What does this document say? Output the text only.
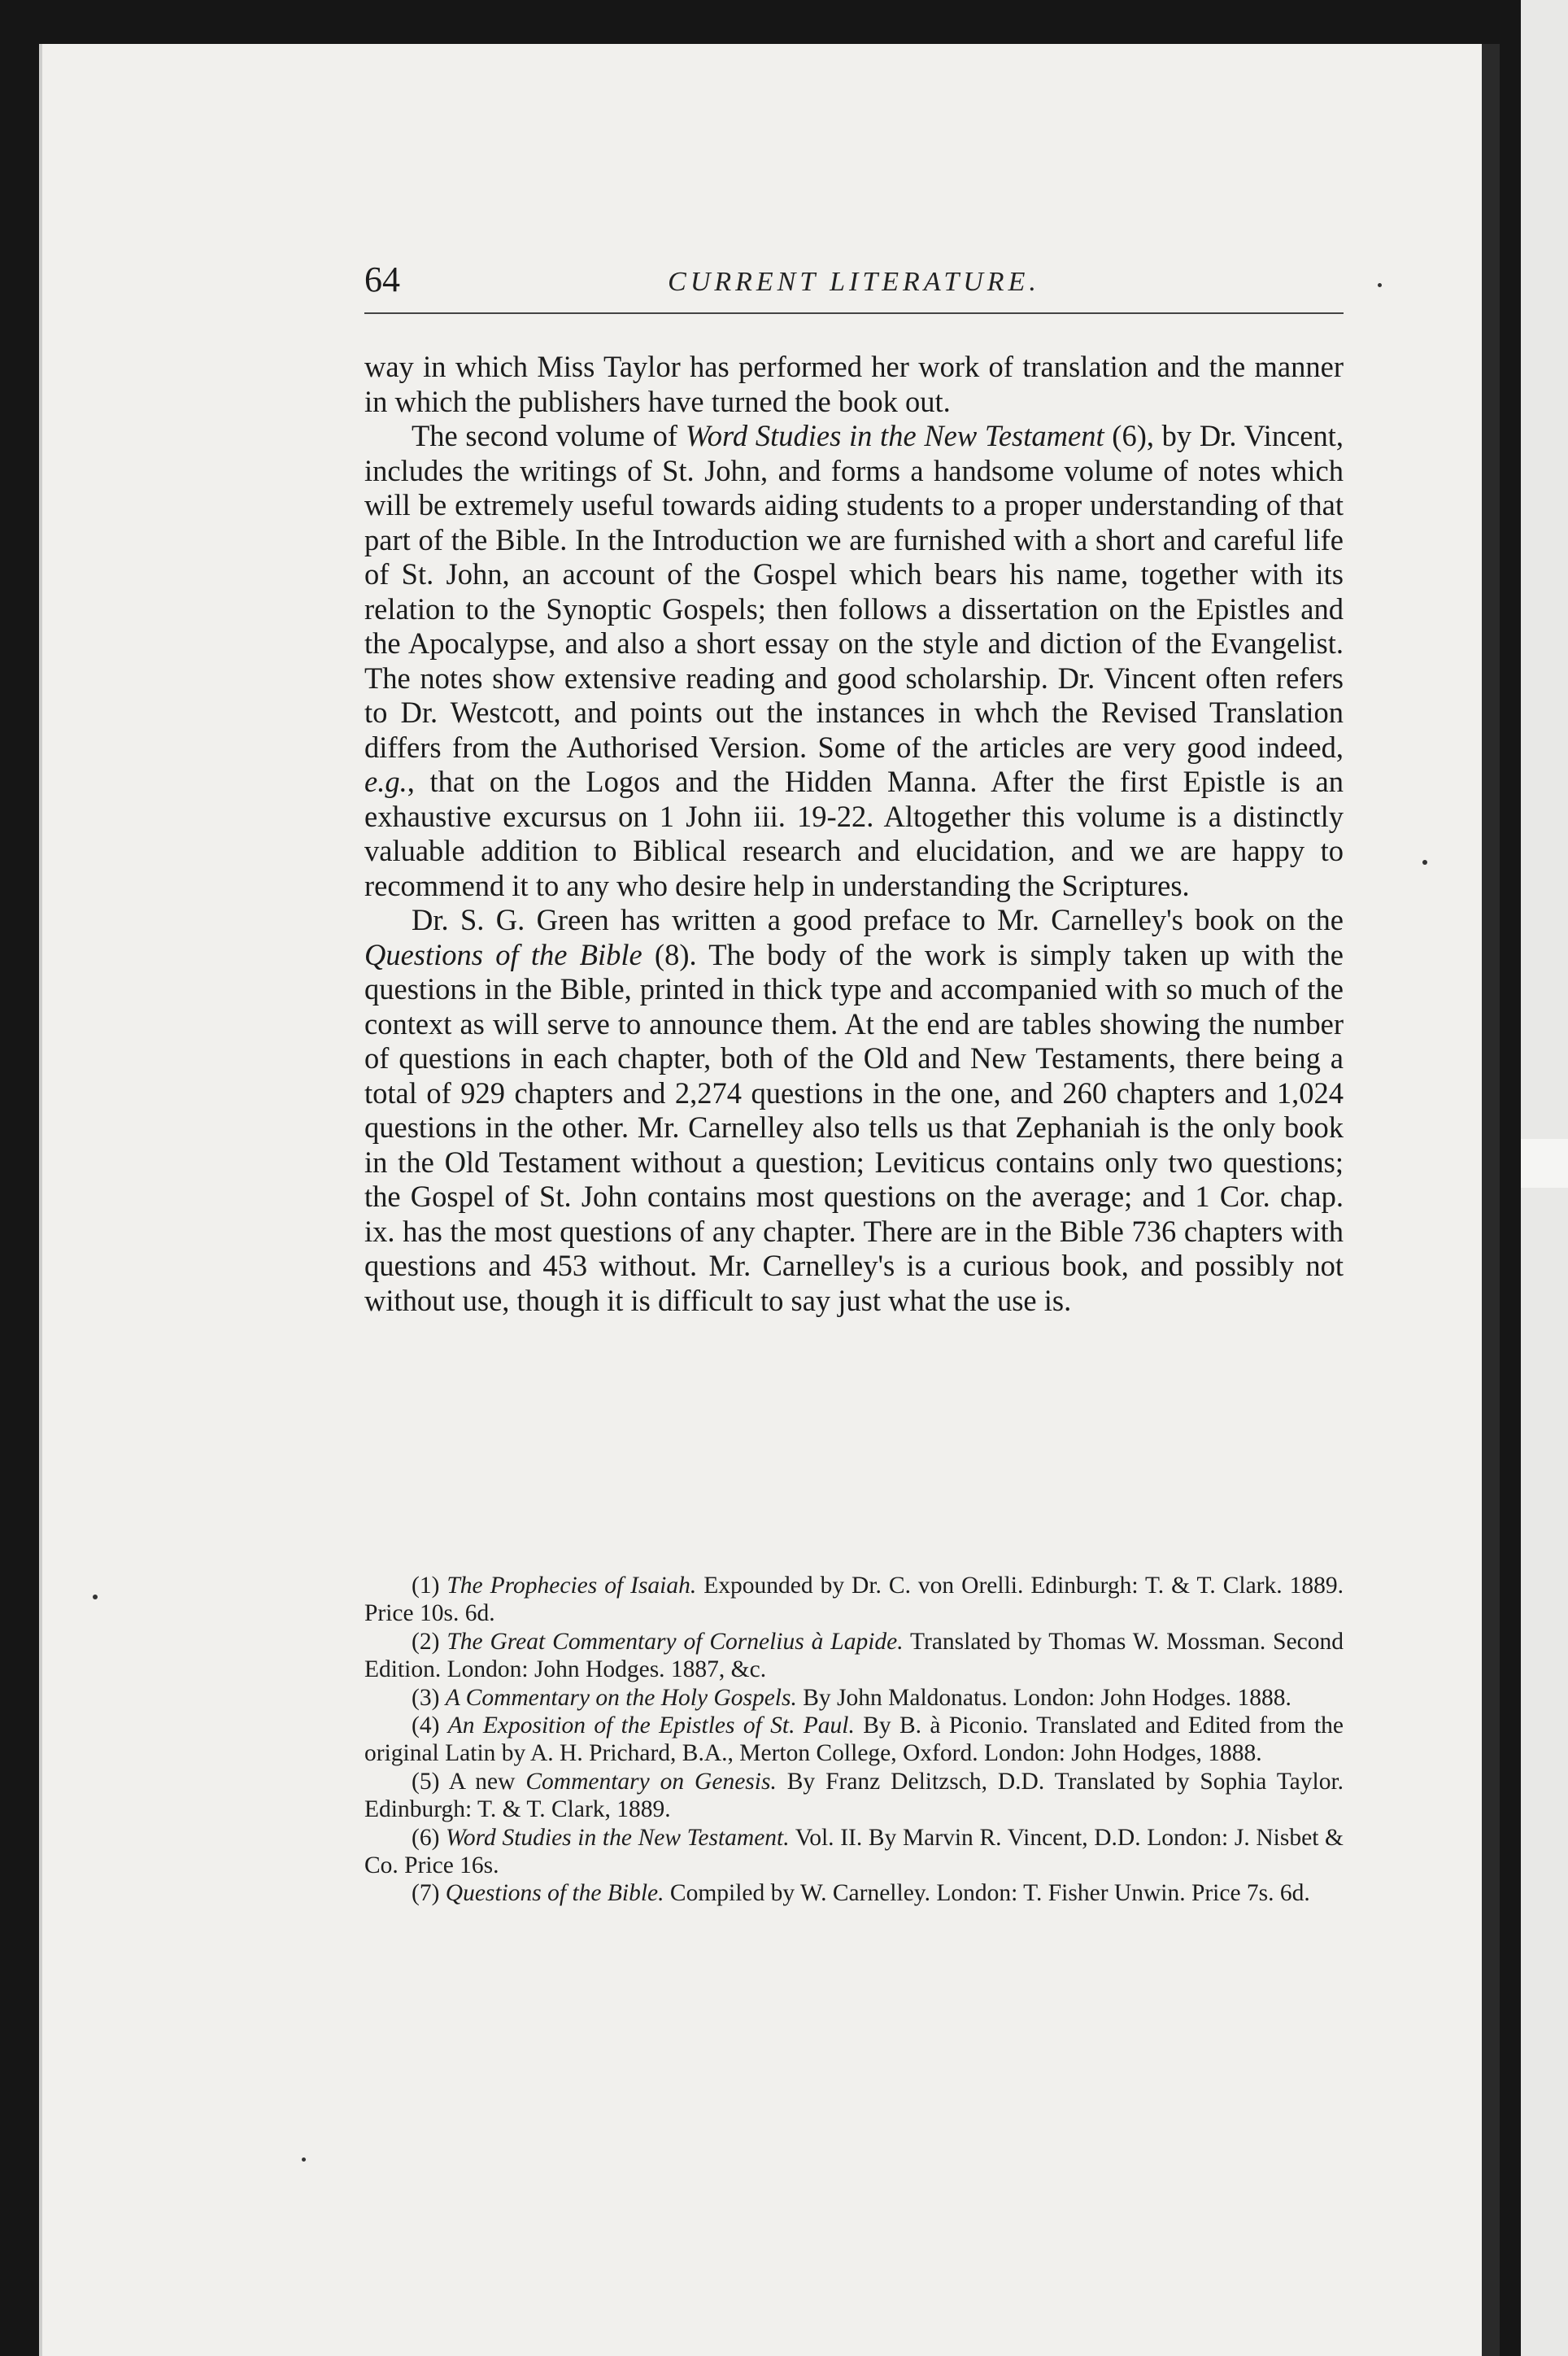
64	CURRENT LITERATURE.

way in which Miss Taylor has performed her work of translation and the manner in which the publishers have turned the book out.

The second volume of Word Studies in the New Testament (6), by Dr. Vincent, includes the writings of St. John, and forms a handsome volume of notes which will be extremely useful towards aiding students to a proper understanding of that part of the Bible. In the Introduction we are furnished with a short and careful life of St. John, an account of the Gospel which bears his name, together with its relation to the Synoptic Gospels; then follows a dissertation on the Epistles and the Apocalypse, and also a short essay on the style and diction of the Evangelist. The notes show extensive reading and good scholarship. Dr. Vincent often refers to Dr. Westcott, and points out the instances in whch the Revised Translation differs from the Authorised Version. Some of the articles are very good indeed, e.g., that on the Logos and the Hidden Manna. After the first Epistle is an exhaustive excursus on 1 John iii. 19-22. Altogether this volume is a distinctly valuable addition to Biblical research and elucidation, and we are happy to recommend it to any who desire help in understanding the Scriptures.

Dr. S. G. Green has written a good preface to Mr. Carnelley's book on the Questions of the Bible (8). The body of the work is simply taken up with the questions in the Bible, printed in thick type and accompanied with so much of the context as will serve to announce them. At the end are tables showing the number of questions in each chapter, both of the Old and New Testaments, there being a total of 929 chapters and 2,274 questions in the one, and 260 chapters and 1,024 questions in the other. Mr. Carnelley also tells us that Zephaniah is the only book in the Old Testament without a question; Leviticus contains only two questions; the Gospel of St. John contains most questions on the average; and 1 Cor. chap. ix. has the most questions of any chapter. There are in the Bible 736 chapters with questions and 453 without. Mr. Carnelley's is a curious book, and possibly not without use, though it is difficult to say just what the use is.

(1) The Prophecies of Isaiah. Expounded by Dr. C. von Orelli. Edinburgh: T. & T. Clark. 1889. Price 10s. 6d.

(2) The Great Commentary of Cornelius à Lapide. Translated by Thomas W. Mossman. Second Edition. London: John Hodges. 1887, &c.

(3) A Commentary on the Holy Gospels. By John Maldonatus. London: John Hodges. 1888.

(4) An Exposition of the Epistles of St. Paul. By B. à Piconio. Translated and Edited from the original Latin by A. H. Prichard, B.A., Merton College, Oxford. London: John Hodges, 1888.

(5) A new Commentary on Genesis. By Franz Delitzsch, D.D. Translated by Sophia Taylor. Edinburgh: T. & T. Clark, 1889.

(6) Word Studies in the New Testament. Vol. II. By Marvin R. Vincent, D.D. London: J. Nisbet & Co. Price 16s.

(7) Questions of the Bible. Compiled by W. Carnelley. London: T. Fisher Unwin. Price 7s. 6d.
